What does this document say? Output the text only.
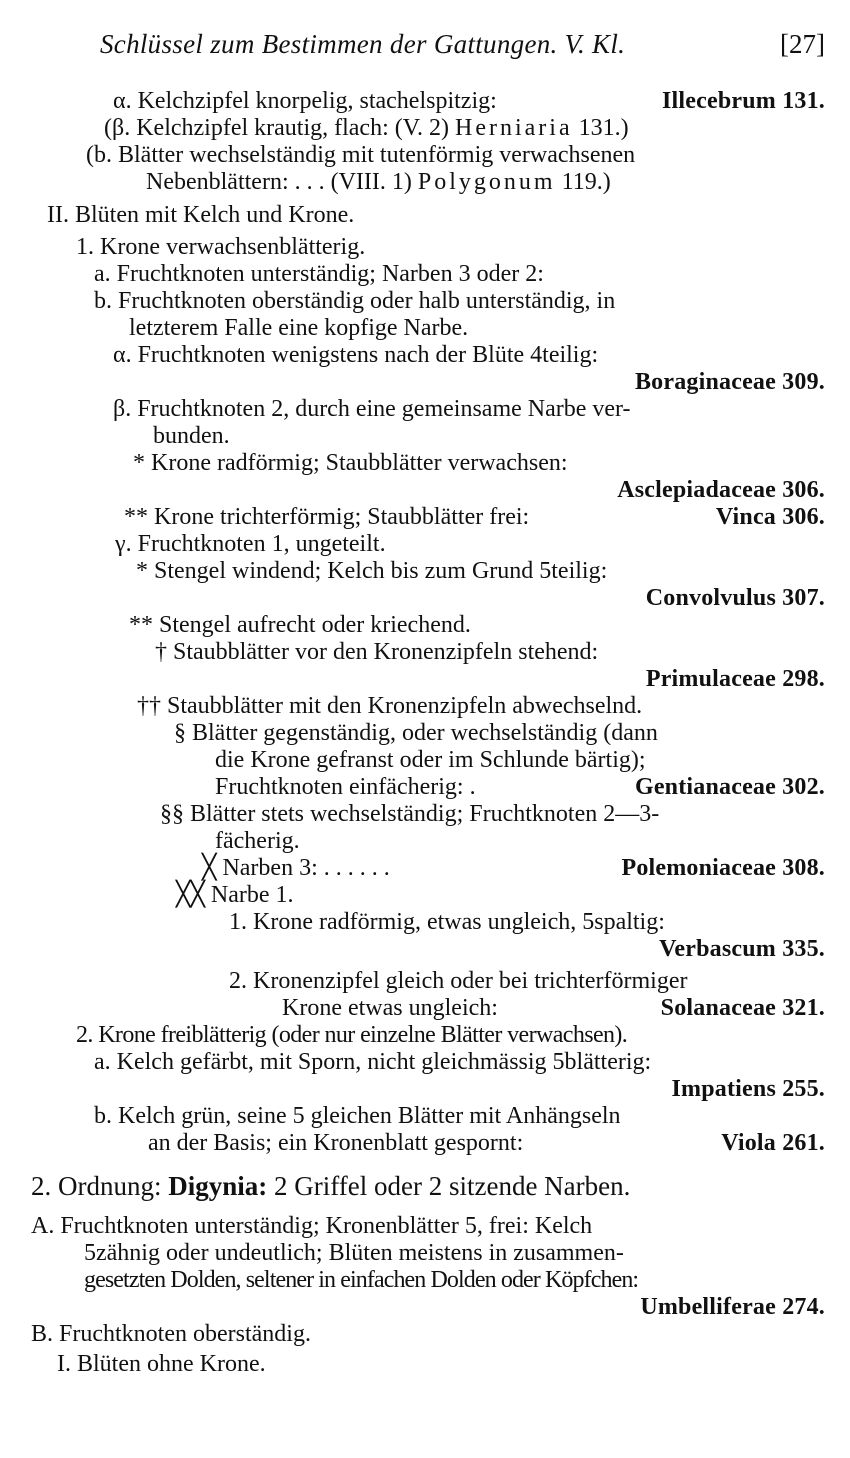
Schlüssel zum Bestimmen der Gattungen. V. Kl.	[27]
α. Kelchzipfel knorpelig, stachelspitzig:	Illecebrum 131.
(β. Kelchzipfel krautig, flach: (V. 2) Herniaria 131.)
(b. Blätter wechselständig mit tutenförmig verwachsenen
Nebenblättern: . . . (VIII. 1) Polygonum 119.)
II. Blüten mit Kelch und Krone.
1. Krone verwachsenblätterig.
a. Fruchtknoten unterständig; Narben 3 oder 2:
b. Fruchtknoten oberständig oder halb unterständig, in
letzterem Falle eine kopfige Narbe.
α. Fruchtknoten wenigstens nach der Blüte 4teilig:
Boraginaceae 309.
β. Fruchtknoten 2, durch eine gemeinsame Narbe ver-
bunden.
* Krone radförmig; Staubblätter verwachsen:
Asclepiadaceae 306.
** Krone trichterförmig; Staubblätter frei:	Vinca 306.
γ. Fruchtknoten 1, ungeteilt.
* Stengel windend; Kelch bis zum Grund 5teilig:
Convolvulus 307.
** Stengel aufrecht oder kriechend.
† Staubblätter vor den Kronenzipfeln stehend:
Primulaceae 298.
†† Staubblätter mit den Kronenzipfeln abwechselnd.
§ Blätter gegenständig, oder wechselständig (dann
die Krone gefranst oder im Schlunde bärtig);
Fruchtknoten einfächerig: .	Gentianaceae 302.
§§ Blätter stets wechselständig; Fruchtknoten 2—3-
fächerig.
╳ Narben 3: . . . . . .	Polemoniaceae 308.
╳╳ Narbe 1.
1. Krone radförmig, etwas ungleich, 5spaltig:
Verbascum 335.
2. Kronenzipfel gleich oder bei trichterförmiger
Krone etwas ungleich:	Solanaceae 321.
2. Krone freiblätterig (oder nur einzelne Blätter verwachsen).
a. Kelch gefärbt, mit Sporn, nicht gleichmässig 5blätterig:
Impatiens 255.
b. Kelch grün, seine 5 gleichen Blätter mit Anhängseln
an der Basis; ein Kronenblatt gespornt:	Viola 261.
2. Ordnung: Digynia: 2 Griffel oder 2 sitzende Narben.
A. Fruchtknoten unterständig; Kronenblätter 5, frei: Kelch
5zähnig oder undeutlich; Blüten meistens in zusammen-
gesetzten Dolden, seltener in einfachen Dolden oder Köpfchen:
Umbelliferae 274.
B. Fruchtknoten oberständig.
I. Blüten ohne Krone.
